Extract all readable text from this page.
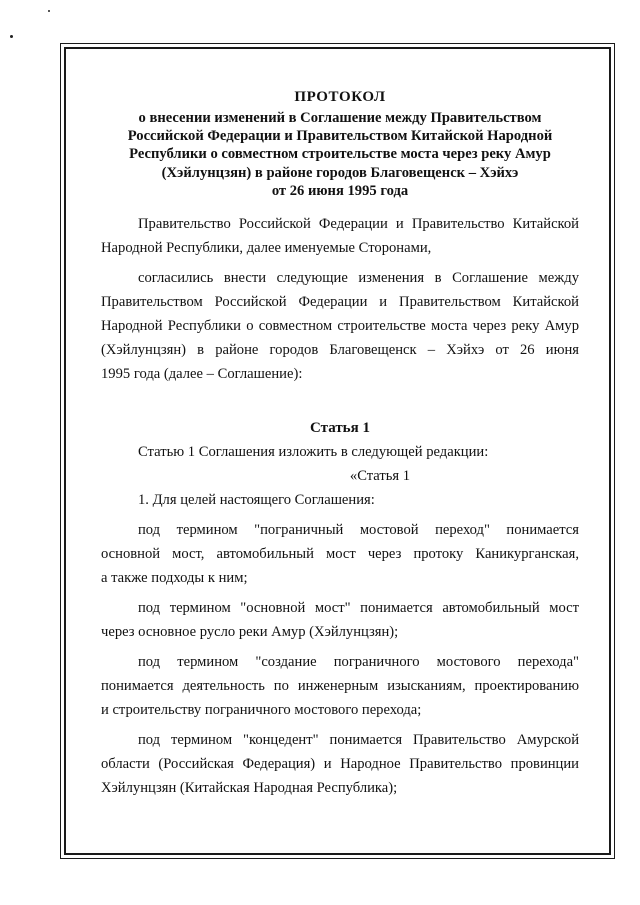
ПРОТОКОЛ
о внесении изменений в Соглашение между Правительством
Российской Федерации и Правительством Китайской Народной
Республики о совместном строительстве моста через реку Амур
(Хэйлунцзян) в районе городов Благовещенск – Хэйхэ
от 26 июня 1995 года
Правительство Российской Федерации и Правительство Китайской
Народной Республики, далее именуемые Сторонами,
согласились внести следующие изменения в Соглашение между
Правительством Российской Федерации и Правительством Китайской
Народной Республики о совместном строительстве моста через реку Амур
(Хэйлунцзян) в районе городов Благовещенск – Хэйхэ от 26 июня
1995 года (далее – Соглашение):

Статья 1

Статью 1 Соглашения изложить в следующей редакции:

«Статья 1

1. Для целей настоящего Соглашения:
под термином "пограничный мостовой переход" понимается
основной мост, автомобильный мост через протоку Каникурганская,
а также подходы к ним;
под термином "основной мост" понимается автомобильный мост
через основное русло реки Амур (Хэйлунцзян);
под термином "создание пограничного мостового перехода"
понимается деятельность по инженерным изысканиям, проектированию
и строительству пограничного мостового перехода;
под термином "концедент" понимается Правительство Амурской
области (Российская Федерация) и Народное Правительство провинции
Хэйлунцзян (Китайская Народная Республика);
